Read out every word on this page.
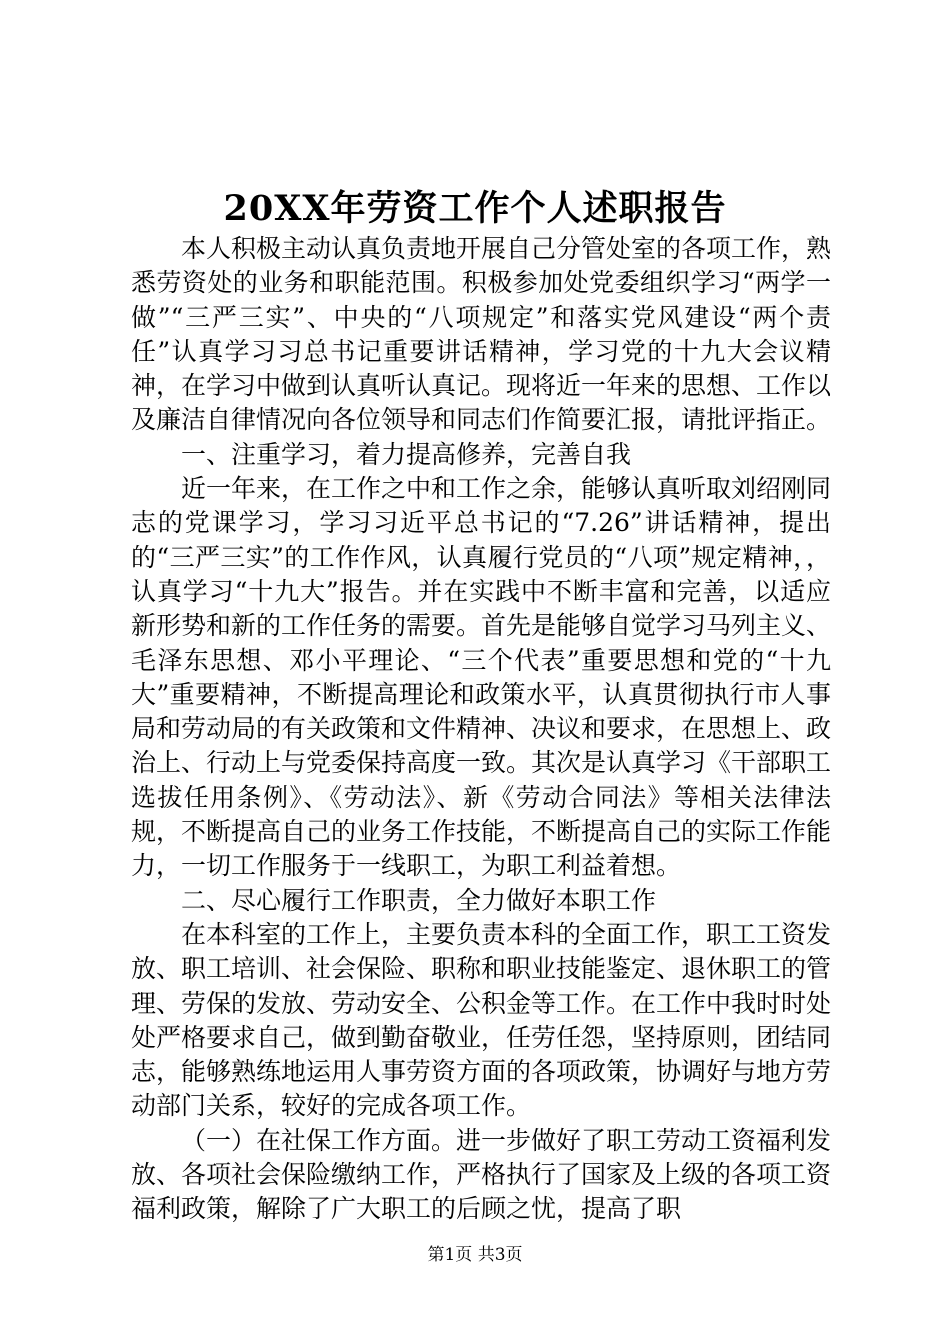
20XX年劳资工作个人述职报告

本人积极主动认真负责地开展自己分管处室的各项工作，熟悉劳资处的业务和职能范围。积极参加处党委组织学习“两学一做”“三严三实”、中央的“八项规定”和落实党风建设“两个责任”认真学习习总书记重要讲话精神，学习党的十九大会议精神，在学习中做到认真听认真记。现将近一年来的思想、工作以及廉洁自律情况向各位领导和同志们作简要汇报，请批评指正。

一、注重学习，着力提高修养，完善自我

近一年来，在工作之中和工作之余，能够认真听取刘绍刚同志的党课学习，学习习近平总书记的“7.26”讲话精神，提出的“三严三实”的工作作风，认真履行党员的“八项”规定精神，，认真学习“十九大”报告。并在实践中不断丰富和完善，以适应新形势和新的工作任务的需要。首先是能够自觉学习马列主义、毛泽东思想、邓小平理论、“三个代表”重要思想和党的“十九大”重要精神，不断提高理论和政策水平，认真贯彻执行市人事局和劳动局的有关政策和文件精神、决议和要求，在思想上、政治上、行动上与党委保持高度一致。其次是认真学习《干部职工选拔任用条例》、《劳动法》、新《劳动合同法》等相关法律法规，不断提高自己的业务工作技能，不断提高自己的实际工作能力，一切工作服务于一线职工，为职工利益着想。

二、尽心履行工作职责，全力做好本职工作

在本科室的工作上，主要负责本科的全面工作，职工工资发放、职工培训、社会保险、职称和职业技能鉴定、退休职工的管理、劳保的发放、劳动安全、公积金等工作。在工作中我时时处处严格要求自己，做到勤奋敬业，任劳任怨，坚持原则，团结同志，能够熟练地运用人事劳资方面的各项政策，协调好与地方劳动部门关系，较好的完成各项工作。

（一）在社保工作方面。进一步做好了职工劳动工资福利发放、各项社会保险缴纳工作，严格执行了国家及上级的各项工资福利政策，解除了广大职工的后顾之忧，提高了职

第1页 共3页
